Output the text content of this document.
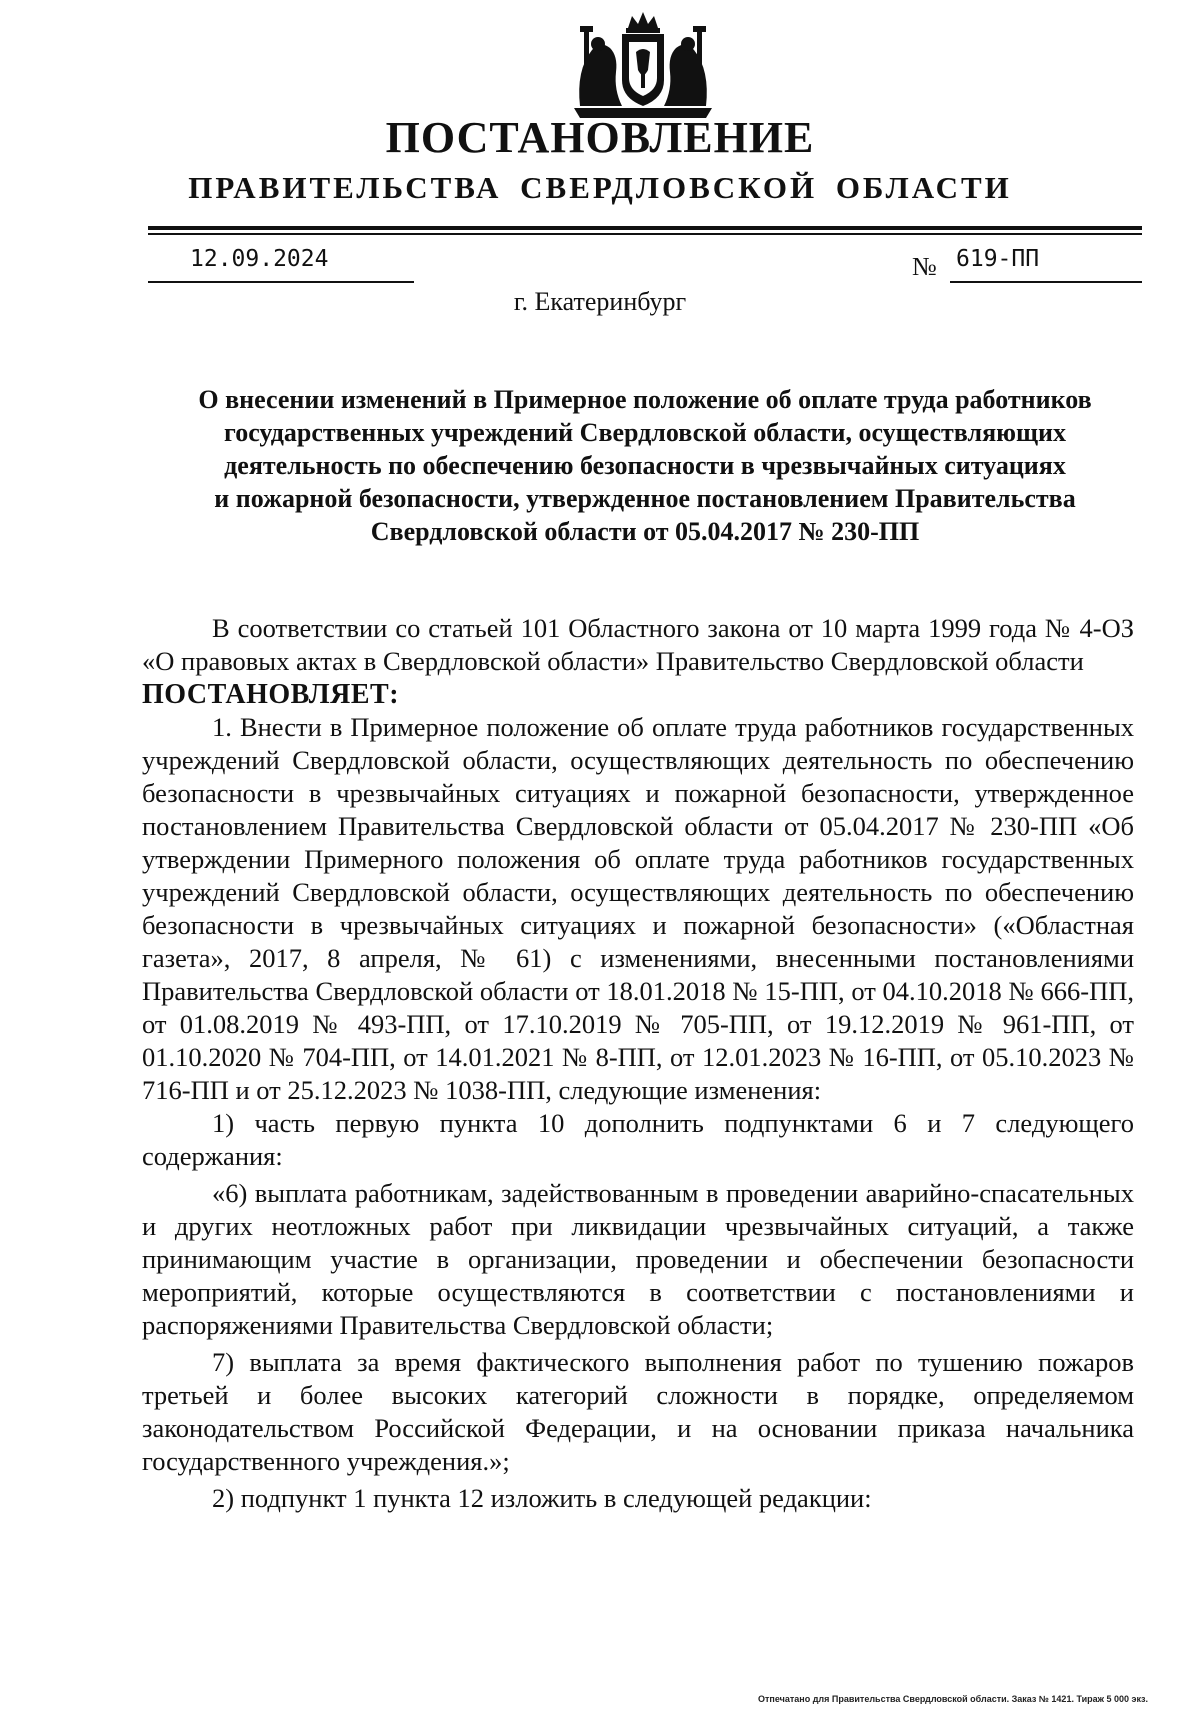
ПОСТАНОВЛЕНИЕ
ПРАВИТЕЛЬСТВА СВЕРДЛОВСКОЙ ОБЛАСТИ
12.09.2024	№ 619-ПП
г. Екатеринбург
О внесении изменений в Примерное положение об оплате труда работников
государственных учреждений Свердловской области, осуществляющих
деятельность по обеспечению безопасности в чрезвычайных ситуациях
и пожарной безопасности, утвержденное постановлением Правительства
Свердловской области от 05.04.2017 № 230-ПП

В соответствии со статьей 101 Областного закона от 10 марта 1999 года № 4-ОЗ «О правовых актах в Свердловской области» Правительство Свердловской области

ПОСТАНОВЛЯЕТ:

1. Внести в Примерное положение об оплате труда работников государственных учреждений Свердловской области, осуществляющих деятельность по обеспечению безопасности в чрезвычайных ситуациях и пожарной безопасности, утвержденное постановлением Правительства Свердловской области от 05.04.2017 № 230-ПП «Об утверждении Примерного положения об оплате труда работников государственных учреждений Свердловской области, осуществляющих деятельность по обеспечению безопасности в чрезвычайных ситуациях и пожарной безопасности» («Областная газета», 2017, 8 апреля, № 61) с изменениями, внесенными постановлениями Правительства Свердловской области от 18.01.2018 № 15-ПП, от 04.10.2018 № 666-ПП, от 01.08.2019 № 493-ПП, от 17.10.2019 № 705-ПП, от 19.12.2019 № 961-ПП, от 01.10.2020 № 704-ПП, от 14.01.2021 № 8-ПП, от 12.01.2023 № 16-ПП, от 05.10.2023 № 716-ПП и от 25.12.2023 № 1038-ПП, следующие изменения:

1) часть первую пункта 10 дополнить подпунктами 6 и 7 следующего содержания:

«6) выплата работникам, задействованным в проведении аварийно-спасательных и других неотложных работ при ликвидации чрезвычайных ситуаций, а также принимающим участие в организации, проведении и обеспечении безопасности мероприятий, которые осуществляются в соответствии с постановлениями и распоряжениями Правительства Свердловской области;

7) выплата за время фактического выполнения работ по тушению пожаров третьей и более высоких категорий сложности в порядке, определяемом законодательством Российской Федерации, и на основании приказа начальника государственного учреждения.»;

2) подпункт 1 пункта 12 изложить в следующей редакции:

Отпечатано для Правительства Свердловской области. Заказ № 1421. Тираж 5 000 экз.
